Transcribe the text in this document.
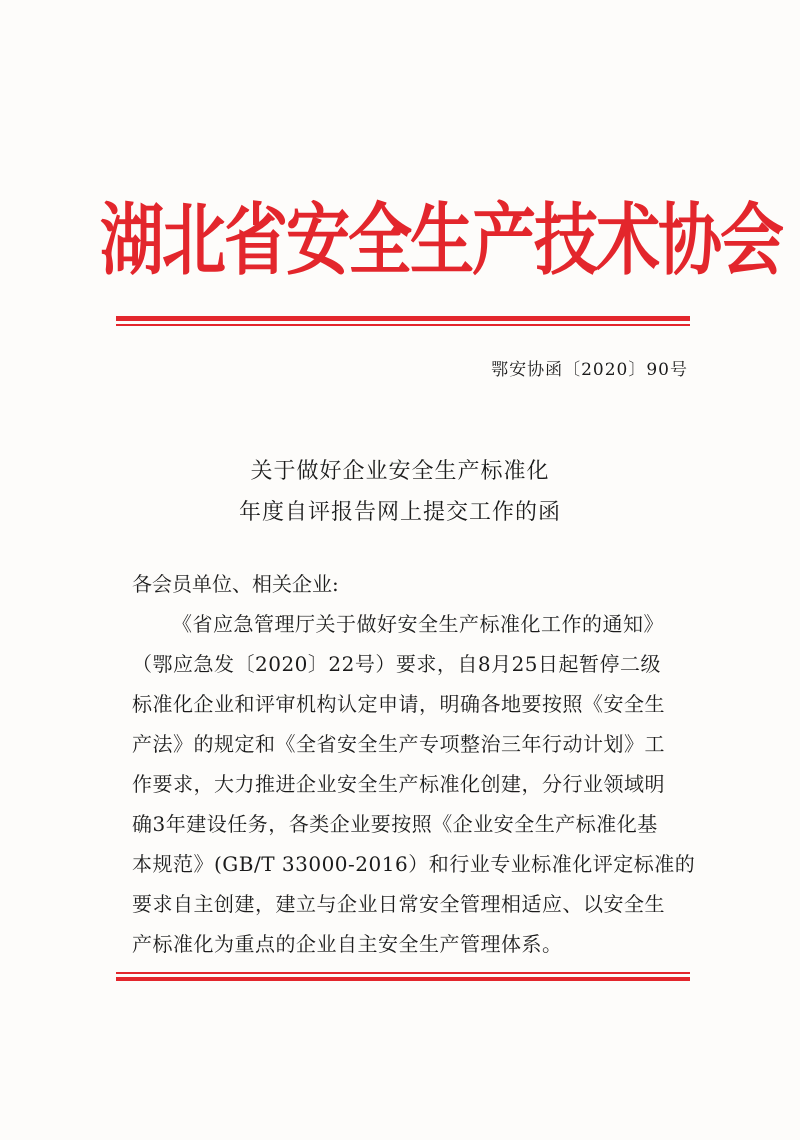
湖北省安全生产技术协会
鄂安协函〔2020〕90号
关于做好企业安全生产标准化
年度自评报告网上提交工作的函
各会员单位、相关企业:
《省应急管理厅关于做好安全生产标准化工作的通知》
（鄂应急发〔2020〕22号）要求，自8月25日起暂停二级
标准化企业和评审机构认定申请，明确各地要按照《安全生
产法》的规定和《全省安全生产专项整治三年行动计划》工
作要求，大力推进企业安全生产标准化创建，分行业领域明
确3年建设任务，各类企业要按照《企业安全生产标准化基
本规范》(GB/T 33000-2016）和行业专业标准化评定标准的
要求自主创建，建立与企业日常安全管理相适应、以安全生
产标准化为重点的企业自主安全生产管理体系。
